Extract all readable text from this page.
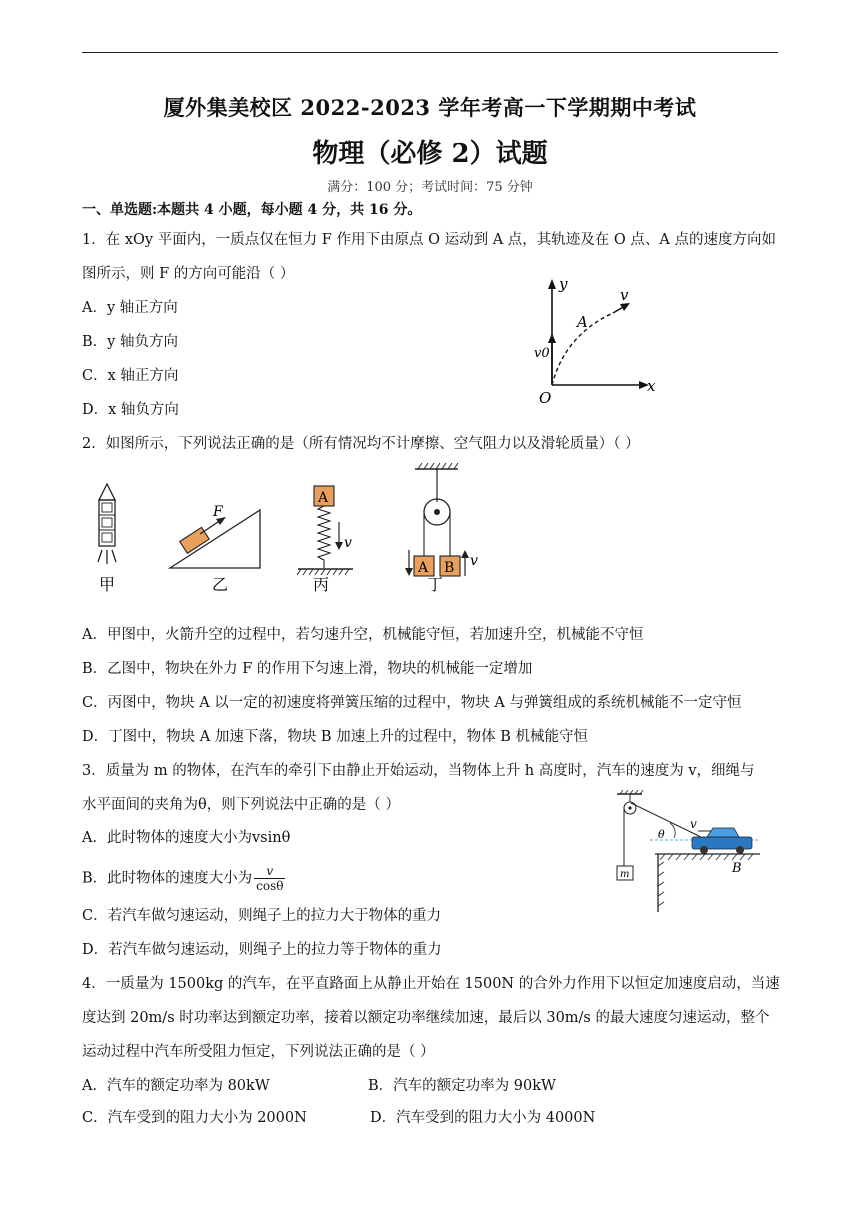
厦外集美校区 2022-2023 学年考高一下学期期中考试
物理（必修 2）试题
满分：100 分；考试时间：75 分钟
一、单选题:本题共 4 小题，每小题 4 分，共 16 分。
1．在 xOy 平面内，一质点仅在恒力 F 作用下由原点 O 运动到 A 点，其轨迹及在 O 点、A 点的速度方向如
图所示，则 F 的方向可能沿（ ）
A．y 轴正方向
B．y 轴负方向
C．x 轴正方向
D．x 轴负方向
y
v
A
v0
O
x
2．如图所示，下列说法正确的是（所有情况均不计摩擦、空气阻力以及滑轮质量）（ ）
甲
F
乙
A
v
丙
A B v
丁
A．甲图中，火箭升空的过程中，若匀速升空，机械能守恒，若加速升空，机械能不守恒
B．乙图中，物块在外力 F 的作用下匀速上滑，物块的机械能一定增加
C．丙图中，物块 A 以一定的初速度将弹簧压缩的过程中，物块 A 与弹簧组成的系统机械能不一定守恒
D．丁图中，物块 A 加速下落，物块 B 加速上升的过程中，物体 B 机械能守恒
3．质量为 m 的物体，在汽车的牵引下由静止开始运动，当物体上升 h 高度时，汽车的速度为 v，细绳与
水平面间的夹角为θ，则下列说法中正确的是（ ）
A．此时物体的速度大小为vsinθ
B．此时物体的速度大小为 $\frac{v}{\cos\theta}$
C．若汽车做匀速运动，则绳子上的拉力大于物体的重力
D．若汽车做匀速运动，则绳子上的拉力等于物体的重力
m
θ
v
B
4．一质量为 1500kg 的汽车，在平直路面上从静止开始在 1500N 的合外力作用下以恒定加速度启动，当速
度达到 20m/s 时功率达到额定功率，接着以额定功率继续加速，最后以 30m/s 的最大速度匀速运动，整个
运动过程中汽车所受阻力恒定，下列说法正确的是（ ）
A．汽车的额定功率为 80kW	B．汽车的额定功率为 90kW
C．汽车受到的阻力大小为 2000N	D．汽车受到的阻力大小为 4000N
